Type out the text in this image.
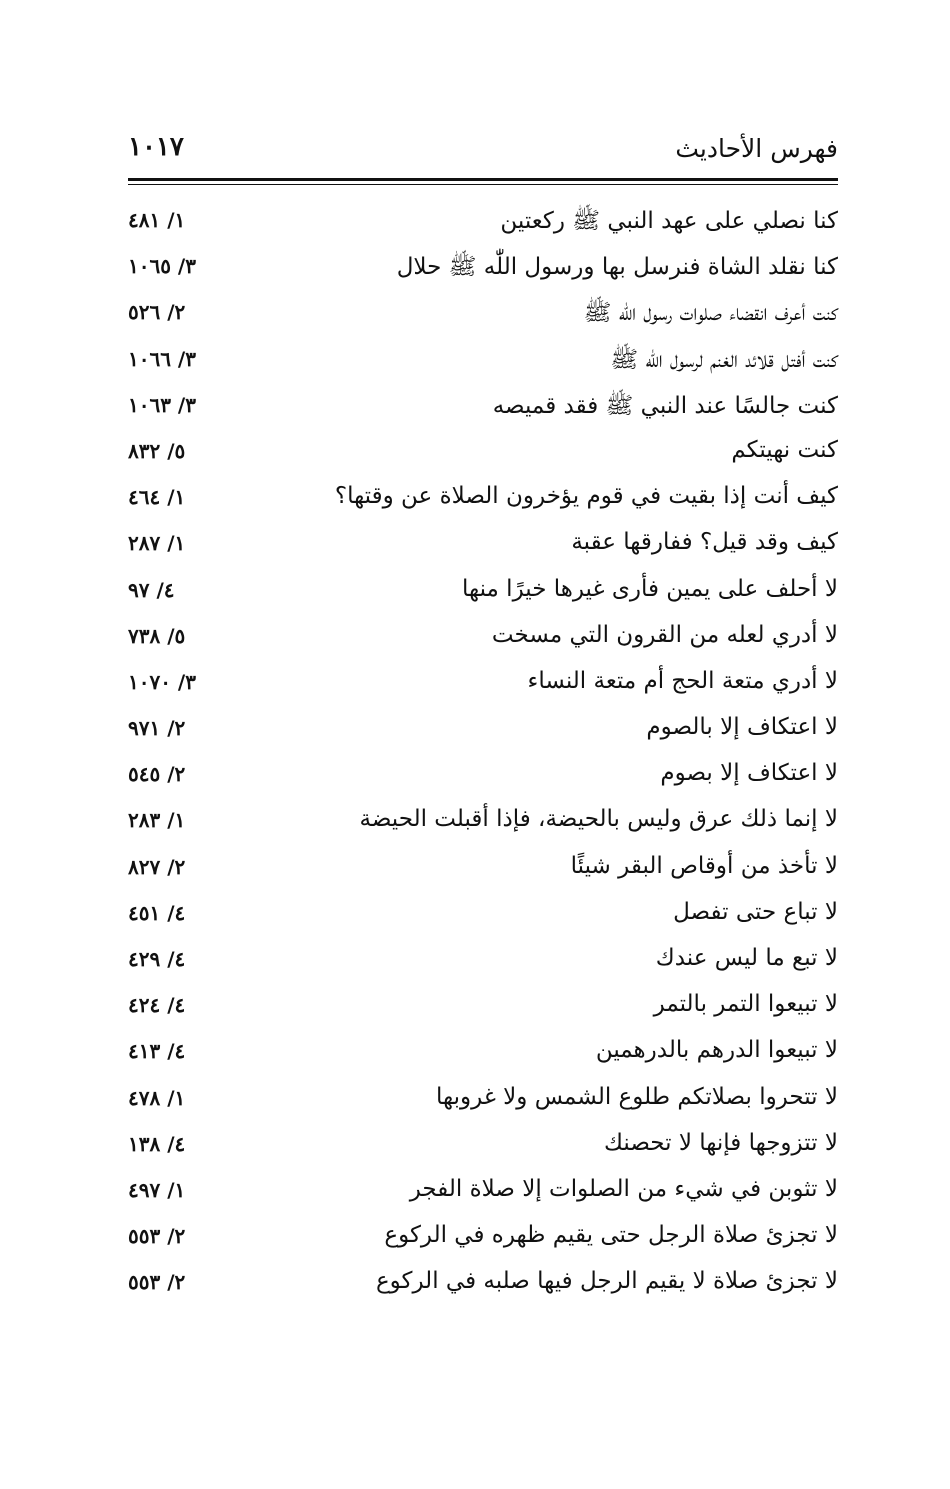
فهرس الأحاديث
١٠١٧
كنا نصلي على عهد النبي ﷺ ركعتين
١/ ٤٨١
كنا نقلد الشاة فنرسل بها ورسول اللّٰه ﷺ حلال
٣/ ١٠٦٥
كنت أعرف انقضاء صلوات رسول اللّٰه ﷺ
٢/ ٥٢٦
كنت أفتل قلائد الغنم لرسول اللّٰه ﷺ
٣/ ١٠٦٦
كنت جالسًا عند النبي ﷺ فقد قميصه
٣/ ١٠٦٣
كنت نهيتكم
٥/ ٨٣٢
كيف أنت إذا بقيت في قوم يؤخرون الصلاة عن وقتها؟
١/ ٤٦٤
كيف وقد قيل؟ ففارقها عقبة
١/ ٢٨٧
لا أحلف على يمين فأرى غيرها خيرًا منها
٤/ ٩٧
لا أدري لعله من القرون التي مسخت
٥/ ٧٣٨
لا أدري متعة الحج أم متعة النساء
٣/ ١٠٧٠
لا اعتكاف إلا بالصوم
٢/ ٩٧١
لا اعتكاف إلا بصوم
٢/ ٥٤٥
لا إنما ذلك عرق وليس بالحيضة، فإذا أقبلت الحيضة
١/ ٢٨٣
لا تأخذ من أوقاص البقر شيئًا
٢/ ٨٢٧
لا تباع حتى تفصل
٤/ ٤٥١
لا تبع ما ليس عندك
٤/ ٤٢٩
لا تبيعوا التمر بالتمر
٤/ ٤٢٤
لا تبيعوا الدرهم بالدرهمين
٤/ ٤١٣
لا تتحروا بصلاتكم طلوع الشمس ولا غروبها
١/ ٤٧٨
لا تتزوجها فإنها لا تحصنك
٤/ ١٣٨
لا تثوبن في شيء من الصلوات إلا صلاة الفجر
١/ ٤٩٧
لا تجزئ صلاة الرجل حتى يقيم ظهره في الركوع
٢/ ٥٥٣
لا تجزئ صلاة لا يقيم الرجل فيها صلبه في الركوع
٢/ ٥٥٣
